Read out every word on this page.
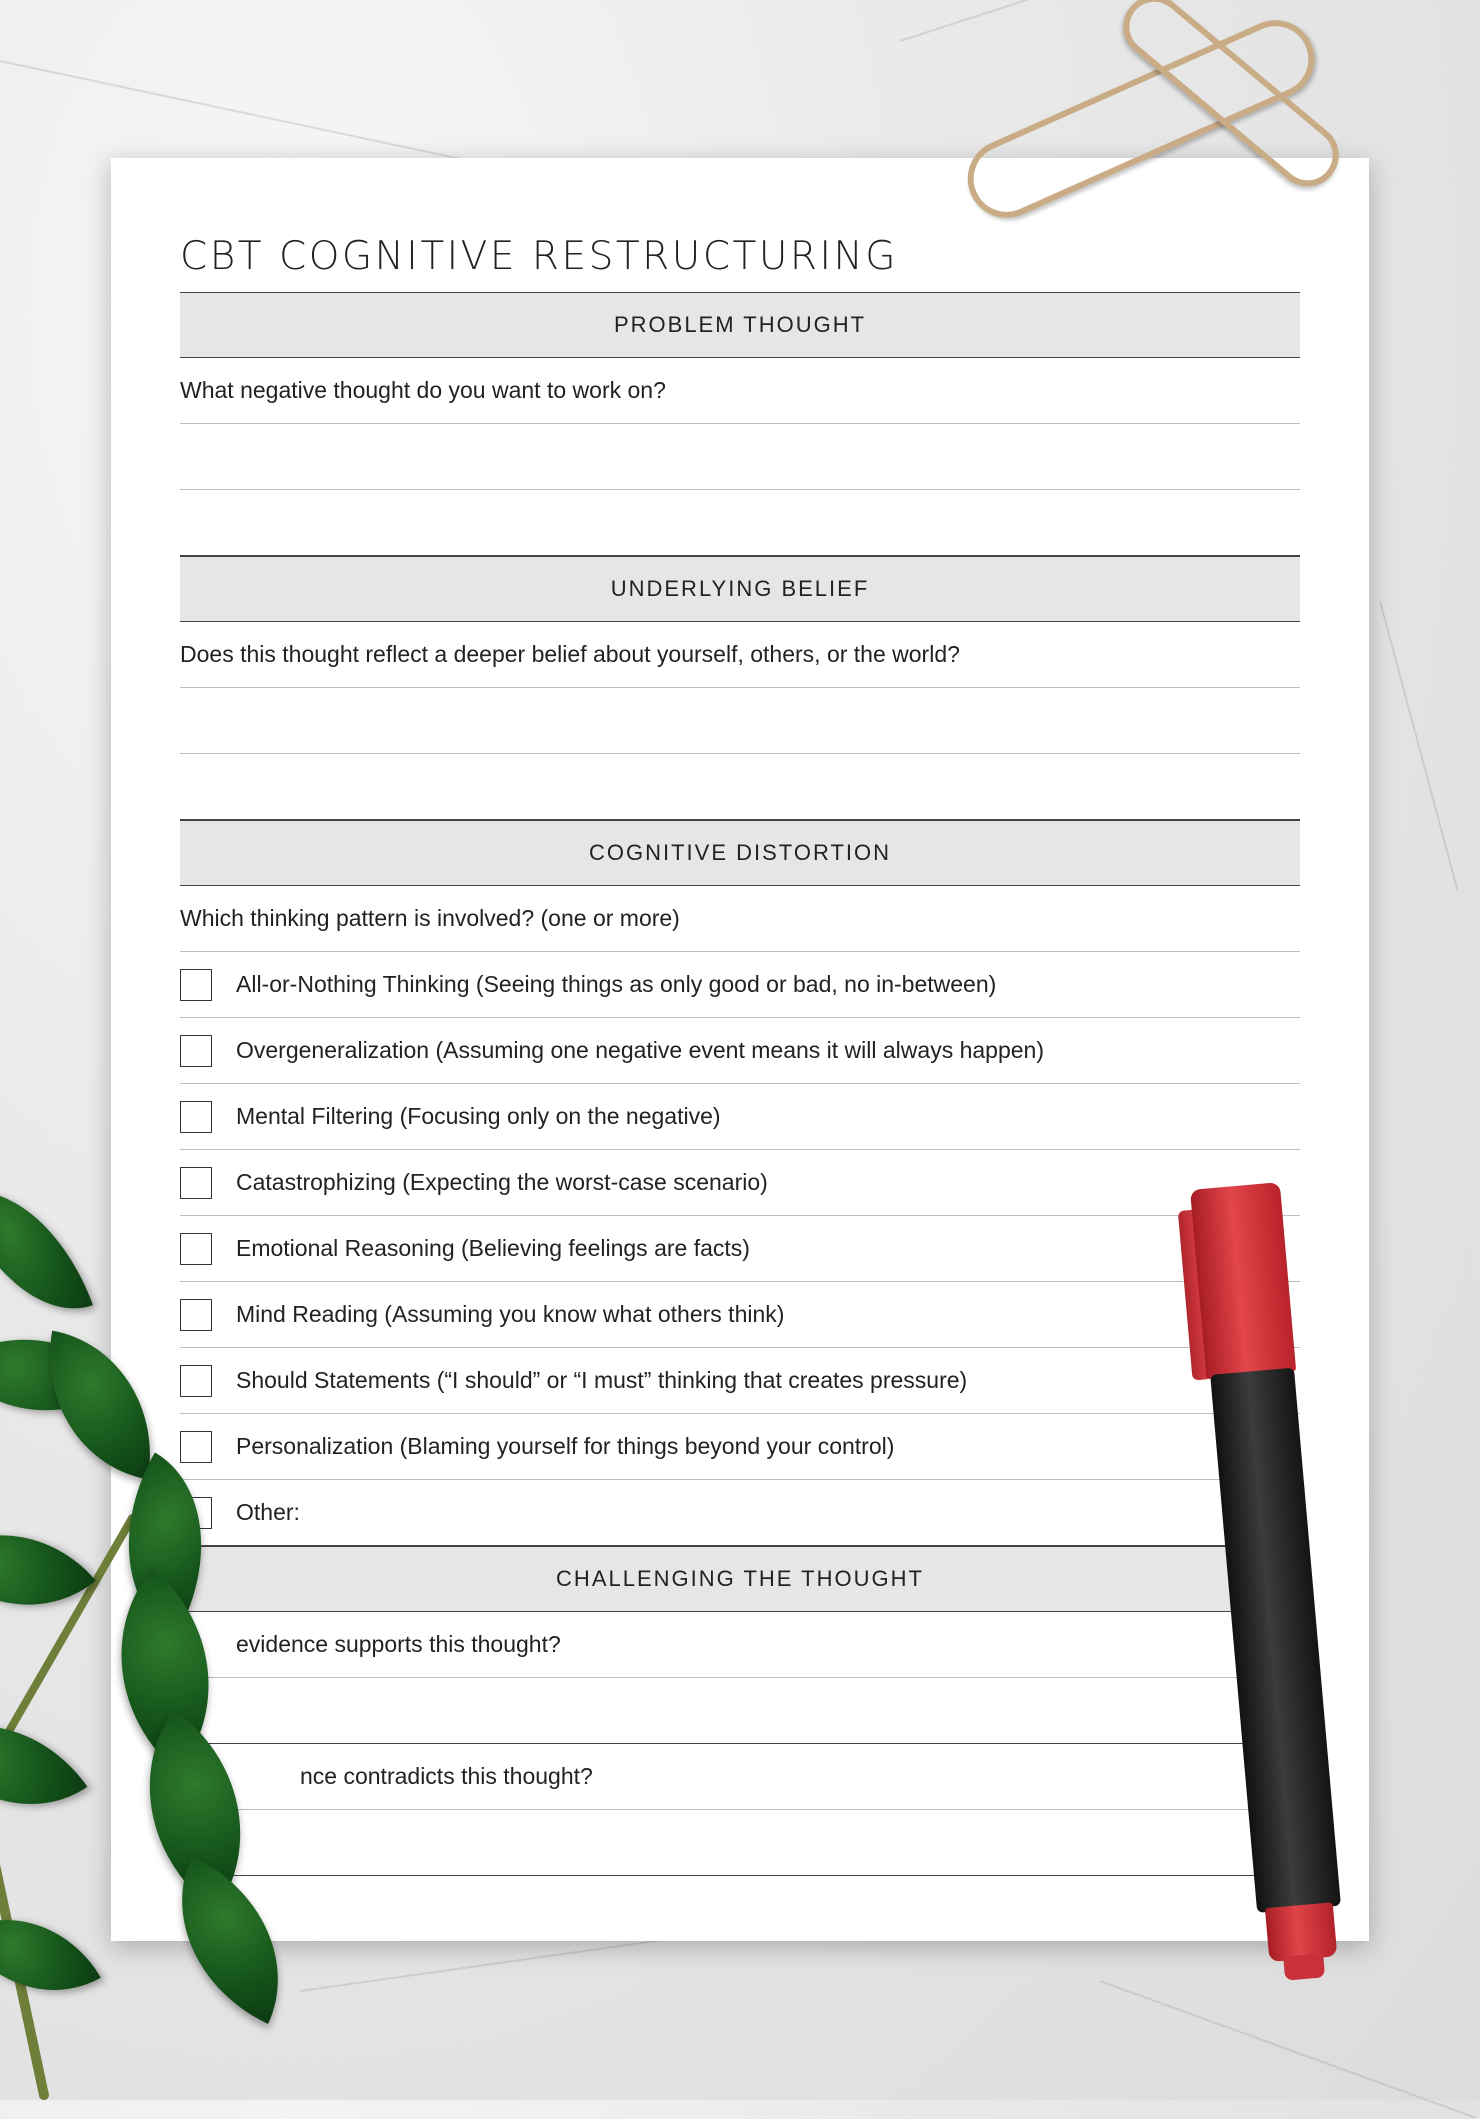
CBT COGNITIVE RESTRUCTURING
PROBLEM THOUGHT
What negative thought do you want to work on?
UNDERLYING BELIEF
Does this thought reflect a deeper belief about yourself, others, or the world?
COGNITIVE DISTORTION
Which thinking pattern is involved? (one or more)
All-or-Nothing Thinking (Seeing things as only good or bad, no in-between)
Overgeneralization (Assuming one negative event means it will always happen)
Mental Filtering (Focusing only on the negative)
Catastrophizing (Expecting the worst-case scenario)
Emotional Reasoning (Believing feelings are facts)
Mind Reading (Assuming you know what others think)
Should Statements (“I should” or “I must” thinking that creates pressure)
Personalization (Blaming yourself for things beyond your control)
Other:
CHALLENGING THE THOUGHT
evidence supports this thought?
nce contradicts this thought?
